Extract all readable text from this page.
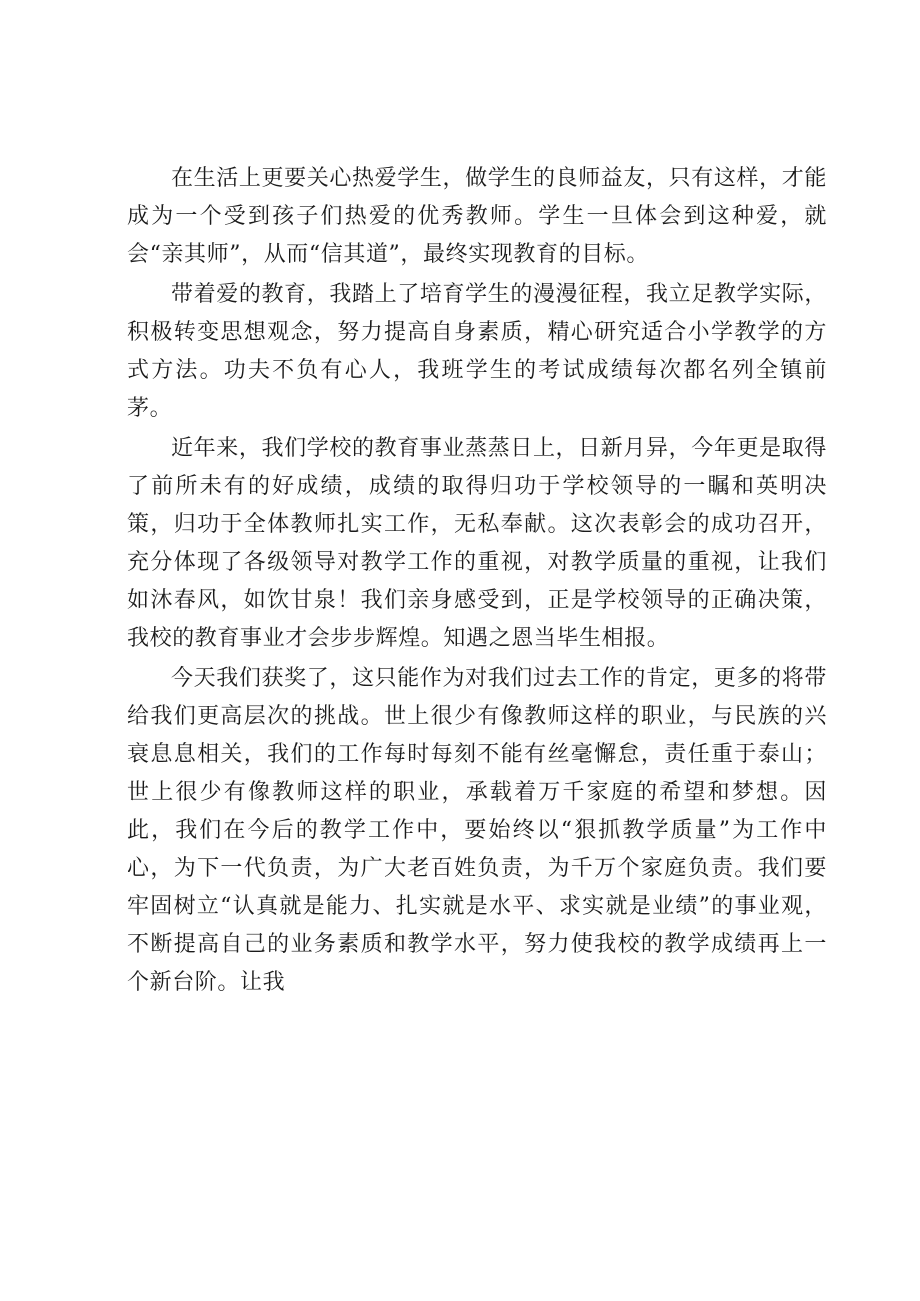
在生活上更要关心热爱学生，做学生的良师益友，只有这样，才能成为一个受到孩子们热爱的优秀教师。学生一旦体会到这种爱，就会“亲其师”，从而“信其道”，最终实现教育的目标。

带着爱的教育，我踏上了培育学生的漫漫征程，我立足教学实际，积极转变思想观念，努力提高自身素质，精心研究适合小学教学的方式方法。功夫不负有心人，我班学生的考试成绩每次都名列全镇前茅。

近年来，我们学校的教育事业蒸蒸日上，日新月异，今年更是取得了前所未有的好成绩，成绩的取得归功于学校领导的一瞩和英明决策，归功于全体教师扎实工作，无私奉献。这次表彰会的成功召开，充分体现了各级领导对教学工作的重视，对教学质量的重视，让我们如沐春风，如饮甘泉！我们亲身感受到，正是学校领导的正确决策，我校的教育事业才会步步辉煌。知遇之恩当毕生相报。

今天我们获奖了，这只能作为对我们过去工作的肯定，更多的将带给我们更高层次的挑战。世上很少有像教师这样的职业，与民族的兴衰息息相关，我们的工作每时每刻不能有丝毫懈怠，责任重于泰山；世上很少有像教师这样的职业，承载着万千家庭的希望和梦想。因此，我们在今后的教学工作中，要始终以“狠抓教学质量”为工作中心，为下一代负责，为广大老百姓负责，为千万个家庭负责。我们要牢固树立“认真就是能力、扎实就是水平、求实就是业绩”的事业观，不断提高自己的业务素质和教学水平，努力使我校的教学成绩再上一个新台阶。让我
